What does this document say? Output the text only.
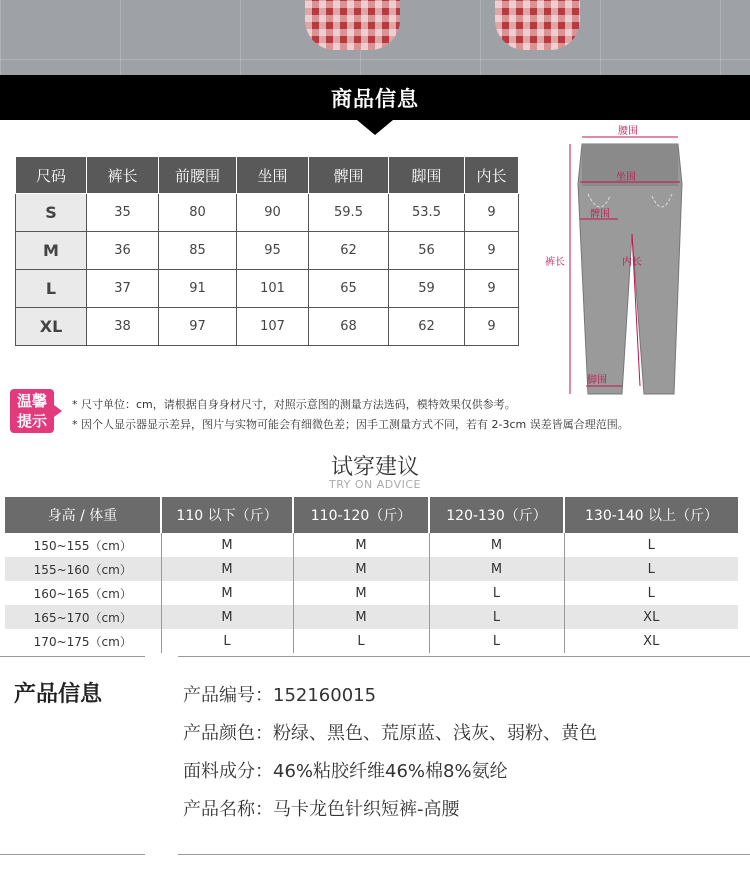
商品信息
尺码	裤长	前腰围	坐围	髀围	脚围	内长
S	35	80	90	59.5	53.5	9
M	36	85	95	62	56	9
L	37	91	101	65	59	9
XL	38	97	107	68	62	9
腰围
坐围
髀围
裤长	内长
脚围
温馨
提示
* 尺寸单位：cm，请根据自身身材尺寸，对照示意图的测量方法选码，模特效果仅供参考。
* 因个人显示器显示差异，图片与实物可能会有细微色差；因手工测量方式不同，若有 2-3cm 误差皆属合理范围。
试穿建议
TRY ON ADVICE
身高 / 体重	110 以下（斤）	110-120（斤）	120-130（斤）	130-140 以上（斤）
150~155（cm）	M	M	M	L
155~160（cm）	M	M	M	L
160~165（cm）	M	M	L	L
165~170（cm）	M	M	L	XL
170~175（cm）	L	L	L	XL
产品信息	产品编号：152160015
产品颜色：粉绿、黑色、荒原蓝、浅灰、弱粉、黄色
面料成分：46%粘胶纤维46%棉8%氨纶
产品名称：马卡龙色针织短裤-高腰
